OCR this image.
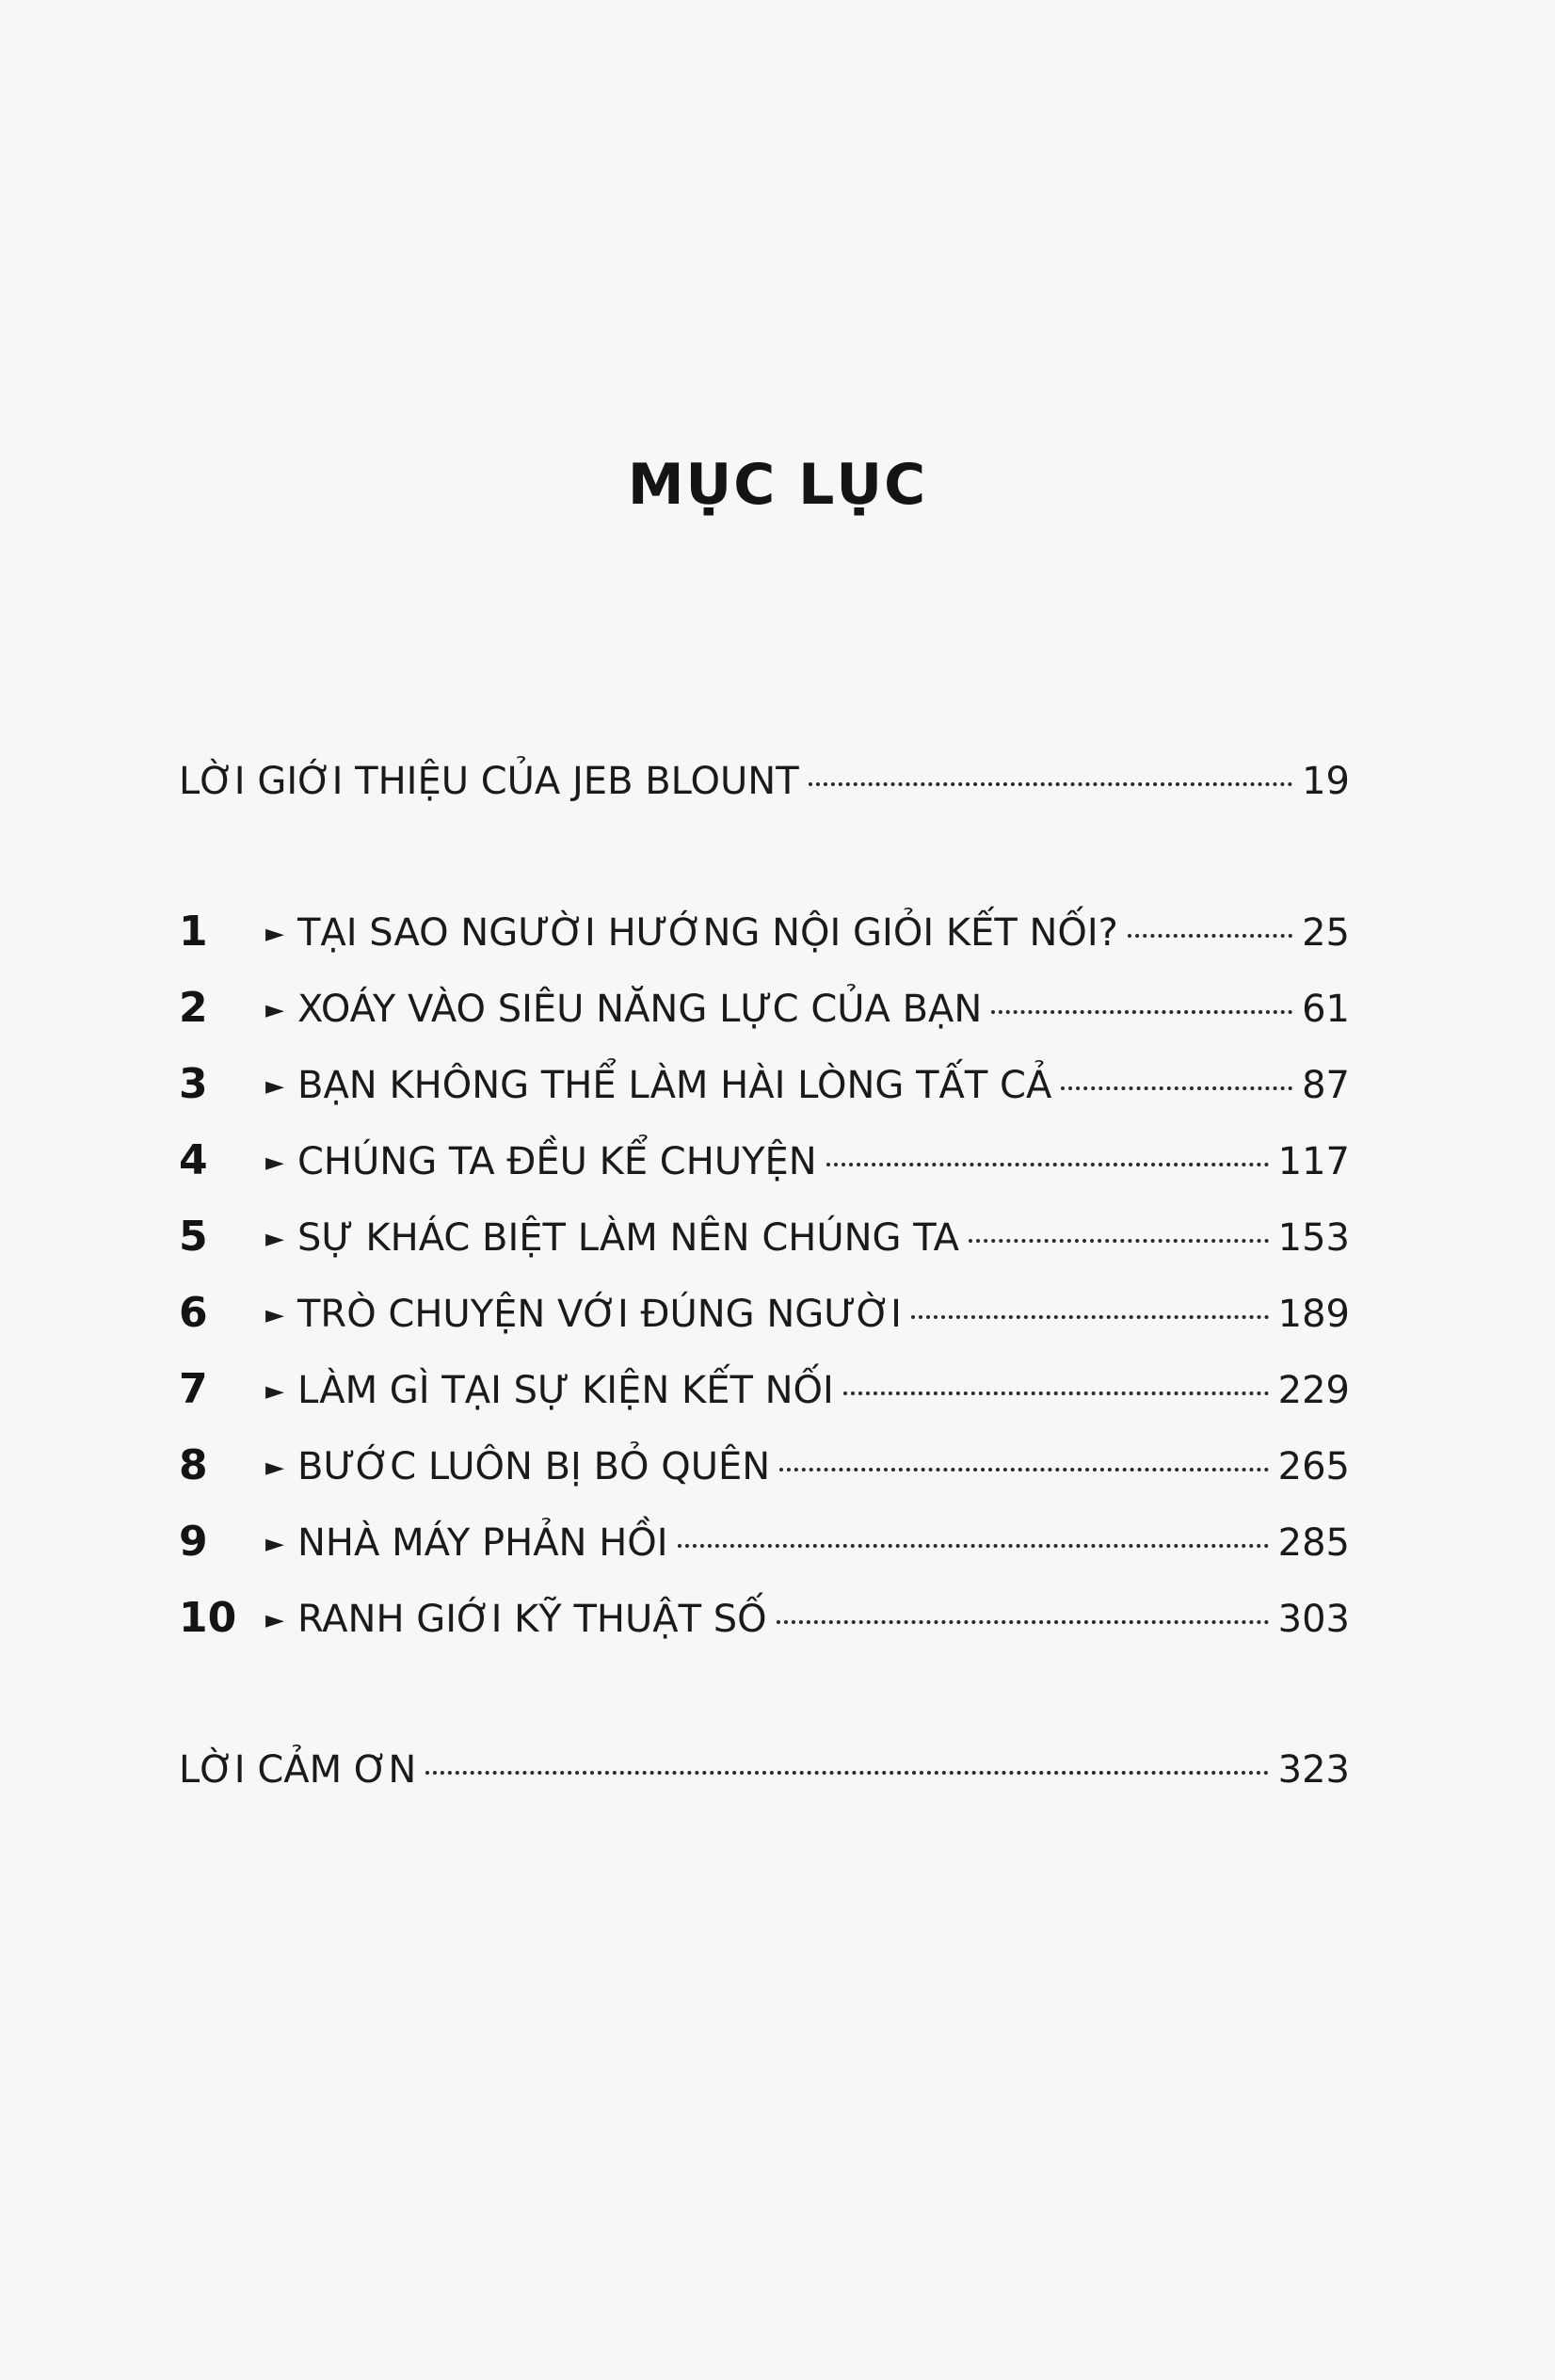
MỤC LỤC
LỜI GIỚI THIỆU CỦA JEB BLOUNT	19
1	► TẠI SAO NGƯỜI HƯỚNG NỘI GIỎI KẾT NỐI?	25
2	► XOÁY VÀO SIÊU NĂNG LỰC CỦA BẠN	61
3	► BẠN KHÔNG THỂ LÀM HÀI LÒNG TẤT CẢ	87
4	► CHÚNG TA ĐỀU KỂ CHUYỆN	117
5	► SỰ KHÁC BIỆT LÀM NÊN CHÚNG TA	153
6	► TRÒ CHUYỆN VỚI ĐÚNG NGƯỜI	189
7	► LÀM GÌ TẠI SỰ KIỆN KẾT NỐI	229
8	► BƯỚC LUÔN BỊ BỎ QUÊN	265
9	► NHÀ MÁY PHẢN HỒI	285
10	► RANH GIỚI KỸ THUẬT SỐ	303
LỜI CẢM ƠN	323
